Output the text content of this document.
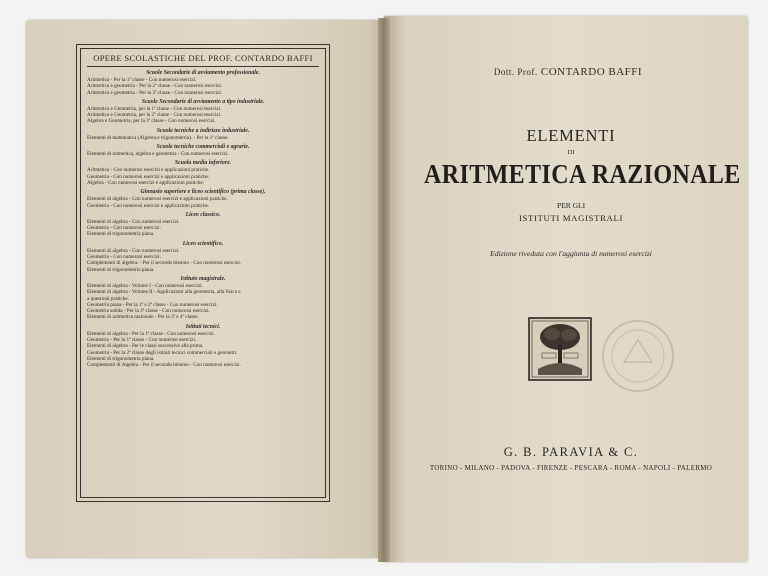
OPERE SCOLASTICHE DEL PROF. CONTARDO BAFFI
Scuole Secondarie di avviamento professionale.
Aritmetica - Per la 1ª classe - Con numerosi esercizi.
Aritmetica e geometria - Per la 2ª classe - Con numerosi esercizi.
Aritmetica e geometria - Per la 3ª classe - Con numerosi esercizi.
Scuole Secondarie di avviamento a tipo industriale.
Aritmetica e Geometria, per la 1ª classe - Con numerosi esercizi.
Aritmetica e Geometria, per la 2ª classe - Con numerosi esercizi.
Algebra e Geometria, per la 3ª classe - Con numerosi esercizi.
Scuole tecniche a indirizzo industriale.
Elementi di matematica (Algebra e trigonometria). - Per la 1ª classe.
Scuole tecniche commerciali e agrarie.
Elementi di aritmetica, algebra e geometria - Con numerosi esercizi.
Scuola media inferiore.
Aritmetica - Con numerosi esercizi e applicazioni pratiche.
Geometria - Con numerosi esercizi e applicazioni pratiche.
Algebra - Con numerosi esercizi e applicazioni pratiche.
Ginnasio superiore e liceo scientifico (prima classe).
Elementi di algebra - Con numerosi esercizi e applicazioni pratiche.
Geometria - Con numerosi esercizi e applicazioni pratiche.
Liceo classico.
Elementi di algebra - Con numerosi esercizi.
Geometria - Con numerosi esercizi.
Elementi di trigonometria piana.
Liceo scientifico.
Elementi di algebra - Con numerosi esercizi.
Geometria - Con numerosi esercizi.
Complementi di algebra. - Per il secondo biennio - Con numerosi esercizi.
Elementi di trigonometria piana.
Istituto magistrale.
Elementi di algebra - Volume I - Con numerosi esercizi.
Elementi di algebra - Volume II - Applicazioni alla geometria, alla fisica e
a questioni pratiche.
Geometria piana - Per la 1ª e 2ª classe - Con numerosi esercizi.
Geometria solida - Per la 3ª classe - Con numerosi esercizi.
Elementi di aritmetica razionale - Per la 3ª e 4ª classe.
Istituti tecnici.
Elementi di algebra - Per la 1ª classe - Con numerosi esercizi.
Geometria - Per la 1ª classe - Con numerosi esercizi.
Elementi di algebra - Per le classi successive alla prima.
Geometria - Per la 2ª classe degli istituti tecnici commerciali e geometri.
Elementi di trigonometria piana.
Complementi di Algebra - Per il secondo biennio - Con numerosi esercizi.
Dott. Prof. CONTARDO BAFFI
ELEMENTI
DI
ARITMETICA RAZIONALE
PER GLI
ISTITUTI MAGISTRALI
Edizione riveduta con l'aggiunta di numerosi esercizi
G. B. PARAVIA & C.
TORINO - MILANO - PADOVA - FIRENZE - PESCARA - ROMA - NAPOLI - PALERMO
